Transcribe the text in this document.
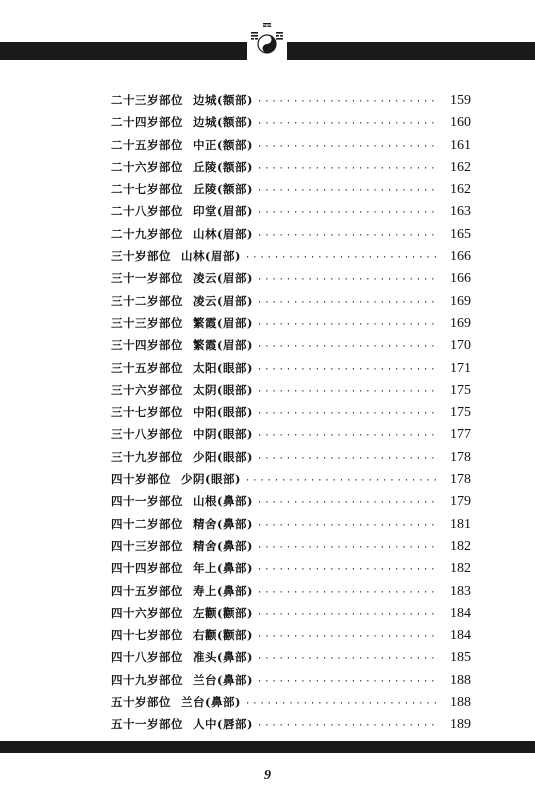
二十三岁部位 边城(额部) ·····	159
二十四岁部位 边城(额部) ·····	160
二十五岁部位 中正(额部) ·····	161
二十六岁部位 丘陵(额部) ·····	162
二十七岁部位 丘陵(额部) ·····	162
二十八岁部位 印堂(眉部) ·····	163
二十九岁部位 山林(眉部) ·····	165
三十岁部位 山林(眉部) ·····	166
三十一岁部位 凌云(眉部) ·····	166
三十二岁部位 凌云(眉部) ·····	169
三十三岁部位 繁霞(眉部) ·····	169
三十四岁部位 繁霞(眉部) ·····	170
三十五岁部位 太阳(眼部) ·····	171
三十六岁部位 太阴(眼部) ·····	175
三十七岁部位 中阳(眼部) ·····	175
三十八岁部位 中阴(眼部) ·····	177
三十九岁部位 少阳(眼部) ·····	178
四十岁部位 少阴(眼部) ·····	178
四十一岁部位 山根(鼻部) ·····	179
四十二岁部位 精舍(鼻部) ·····	181
四十三岁部位 精舍(鼻部) ·····	182
四十四岁部位 年上(鼻部) ·····	182
四十五岁部位 寿上(鼻部) ·····	183
四十六岁部位 左颧(颧部) ·····	184
四十七岁部位 右颧(颧部) ·····	184
四十八岁部位 准头(鼻部) ·····	185
四十九岁部位 兰台(鼻部) ·····	188
五十岁部位 兰台(鼻部) ·····	188
五十一岁部位 人中(唇部) ·····	189
9
